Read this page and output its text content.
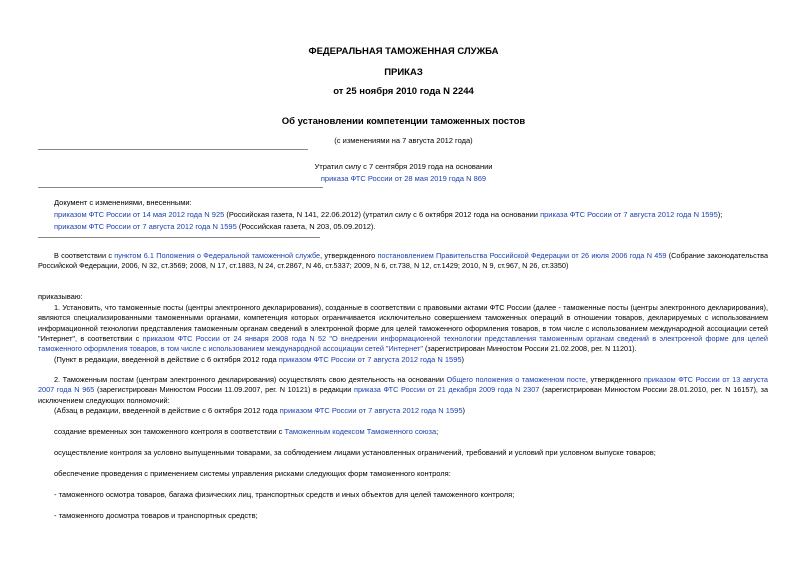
ФЕДЕРАЛЬНАЯ ТАМОЖЕННАЯ СЛУЖБА
ПРИКАЗ
от 25 ноября 2010 года N 2244
Об установлении компетенции таможенных постов
(с изменениями на 7 августа 2012 года)
Утратил силу с 7 сентября 2019 года на основании
приказа ФТС России от 28 мая 2019 года N 869
Документ с изменениями, внесенными:
приказом ФТС России от 14 мая 2012 года N 925 (Российская газета, N 141, 22.06.2012) (утратил силу с 6 октября 2012 года на основании приказа ФТС России от 7 августа 2012 года N 1595);
приказом ФТС России от 7 августа 2012 года N 1595 (Российская газета, N 203, 05.09.2012).
В соответствии с пунктом 6.1 Положения о Федеральной таможенной службе, утвержденного постановлением Правительства Российской Федерации от 26 июля 2006 года N 459 (Собрание законодательства Российской Федерации, 2006, N 32, ст.3569; 2008, N 17, ст.1883, N 24, ст.2867, N 46, ст.5337; 2009, N 6, ст.738, N 12, ст.1429; 2010, N 9, ст.967, N 26, ст.3350)
приказываю:
1. Установить, что таможенные посты (центры электронного декларирования), созданные в соответствии с правовыми актами ФТС России (далее - таможенные посты (центры электронного декларирования), являются специализированными таможенными органами, компетенция которых ограничивается исключительно совершением таможенных операций в отношении товаров, декларируемых с использованием информационной технологии представления таможенным органам сведений в электронной форме для целей таможенного оформления товаров, в том числе с использованием международной ассоциации сетей "Интернет", в соответствии с приказом ФТС России от 24 января 2008 года N 52 "О внедрении информационной технологии представления таможенным органам сведений в электронной форме для целей таможенного оформления товаров, в том числе с использованием международной ассоциации сетей "Интернет" (зарегистрирован Минюстом России 21.02.2008, рег. N 11201).
(Пункт в редакции, введенной в действие с 6 октября 2012 года приказом ФТС России от 7 августа 2012 года N 1595)
2. Таможенным постам (центрам электронного декларирования) осуществлять свою деятельность на основании Общего положения о таможенном посте, утвержденного приказом ФТС России от 13 августа 2007 года N 965 (зарегистрирован Минюстом России 11.09.2007, рег. N 10121) в редакции приказа ФТС России от 21 декабря 2009 года N 2307 (зарегистрирован Минюстом России 28.01.2010, рег. N 16157), за исключением следующих полномочий:
(Абзац в редакции, введенной в действие с 6 октября 2012 года приказом ФТС России от 7 августа 2012 года N 1595)
создание временных зон таможенного контроля в соответствии с Таможенным кодексом Таможенного союза;
осуществление контроля за условно выпущенными товарами, за соблюдением лицами установленных ограничений, требований и условий при условном выпуске товаров;
обеспечение проведения с применением системы управления рисками следующих форм таможенного контроля:
- таможенного осмотра товаров, багажа физических лиц, транспортных средств и иных объектов для целей таможенного контроля;
- таможенного досмотра товаров и транспортных средств;
